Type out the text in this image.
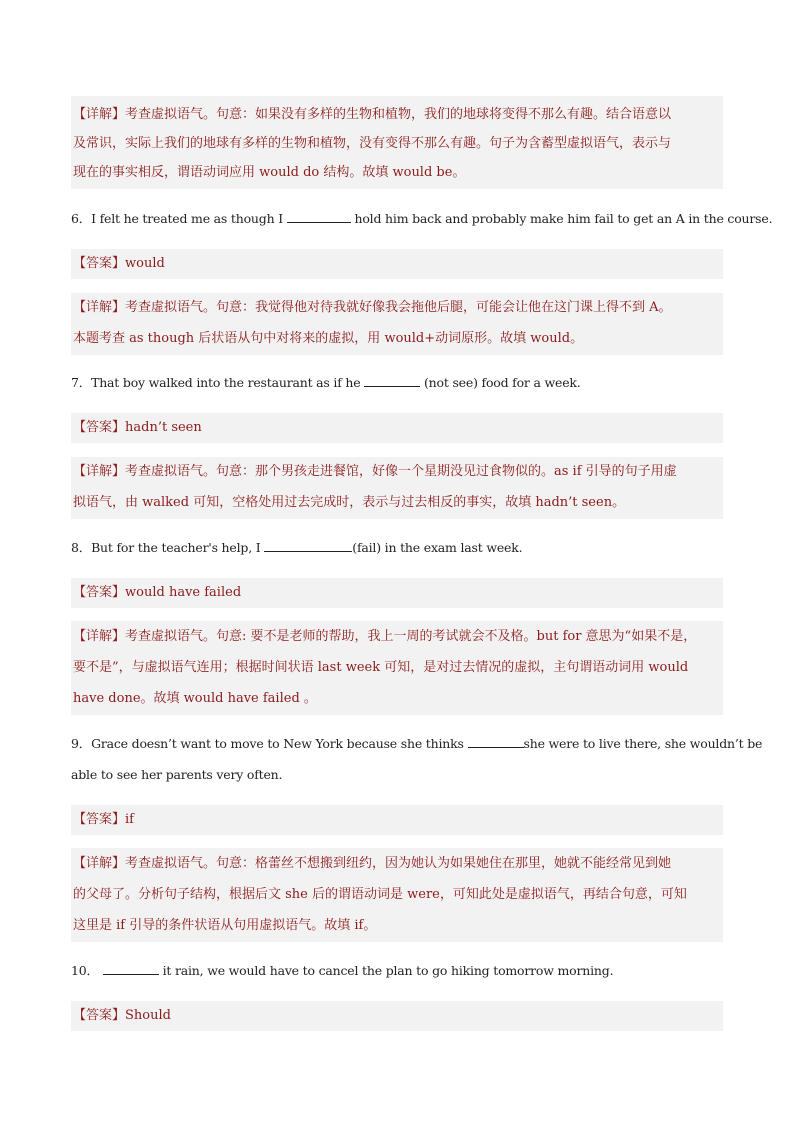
【详解】考查虚拟语气。句意：如果没有多样的生物和植物，我们的地球将变得不那么有趣。结合语意以
及常识，实际上我们的地球有多样的生物和植物，没有变得不那么有趣。句子为含蓄型虚拟语气，表示与
现在的事实相反，谓语动词应用 would do 结构。故填 would be。
6．I felt he treated me as though I	hold him back and probably make him fail to get an A in the course.
【答案】would
【详解】考查虚拟语气。句意：我觉得他对待我就好像我会拖他后腿，可能会让他在这门课上得不到 A。
本题考查 as though 后状语从句中对将来的虚拟，用 would+动词原形。故填 would。
7．That boy walked into the restaurant as if he	(not see) food for a week.
【答案】hadn’t seen
【详解】考查虚拟语气。句意：那个男孩走进餐馆，好像一个星期没见过食物似的。as if 引导的句子用虚
拟语气，由 walked 可知，空格处用过去完成时，表示与过去相反的事实，故填 hadn’t seen。
8．But for the teacher's help, I	(fail) in the exam last week.
【答案】would have failed
【详解】考查虚拟语气。句意: 要不是老师的帮助，我上一周的考试就会不及格。but for 意思为“如果不是，
要不是”，与虚拟语气连用；根据时间状语 last week 可知，是对过去情况的虚拟，主句谓语动词用 would
have done。故填 would have failed 。
9．Grace doesn’t want to move to New York because she thinks	she were to live there, she wouldn’t be
able to see her parents very often.
【答案】if
【详解】考查虚拟语气。句意：格蕾丝不想搬到纽约，因为她认为如果她住在那里，她就不能经常见到她
的父母了。分析句子结构，根据后文 she 后的谓语动词是 were，可知此处是虚拟语气，再结合句意，可知
这里是 if 引导的条件状语从句用虚拟语气。故填 if。
10．	it rain, we would have to cancel the plan to go hiking tomorrow morning.
【答案】Should
